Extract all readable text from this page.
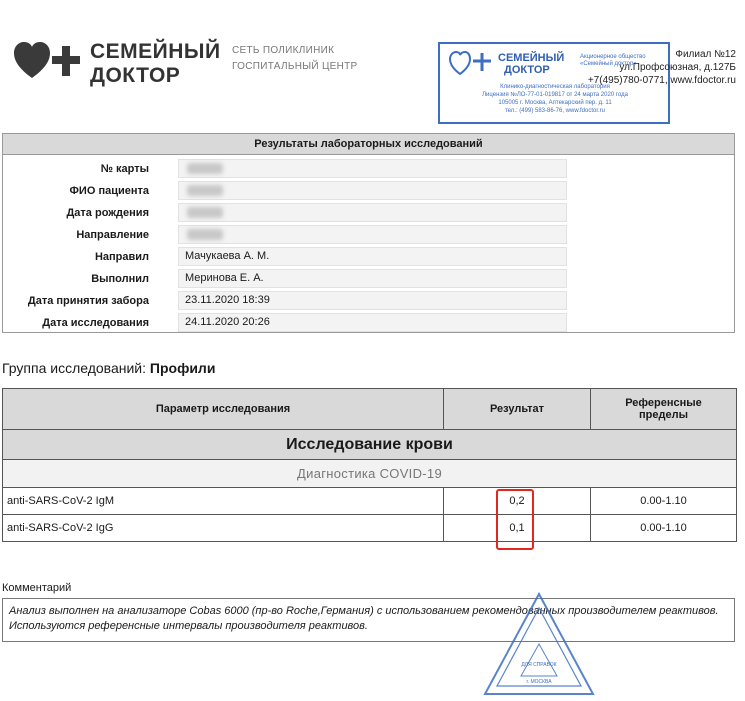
СЕМЕЙНЫЙ
ДОКТОР
СЕТЬ ПОЛИКЛИНИК
ГОСПИТАЛЬНЫЙ ЦЕНТР
СЕМЕЙНЫЙ
ДОКТОР
Акционерное общество «Семейный доктор»
Клинико-диагностическая лаборатория
Лицензия №ЛО-77-01-019817 от 24 марта 2020 года
105005 г. Москва, Аптекарский пер. д. 11
тел.: (499) 583-86-76, www.fdoctor.ru
Филиал №12
ул.Профсоюзная, д.127Б
+7(495)780-0771, www.fdoctor.ru
Результаты лабораторных исследований
№ карты
ФИО пациента
Дата рождения
Направление
Направил	Мачукаева А. М.
Выполнил	Меринова Е. А.
Дата принятия забора	23.11.2020 18:39
Дата исследования	24.11.2020 20:26
Группа исследований: Профили
Параметр исследования	Результат	Референсные
пределы

Исследование крови		
Диагностика COVID-19		
anti-SARS-CoV-2 IgM	0,2	0.00-1.10
anti-SARS-CoV-2 IgG	0,1	0.00-1.10
Комментарий
Анализ выполнен на анализаторе Cobas 6000 (пр-во Roche,Германия) с использованием рекомендованных производителем реактивов. Используются референсные интервалы производителя реактивов.
ДЛЯ СПРАВОК
г. МОСКВА
